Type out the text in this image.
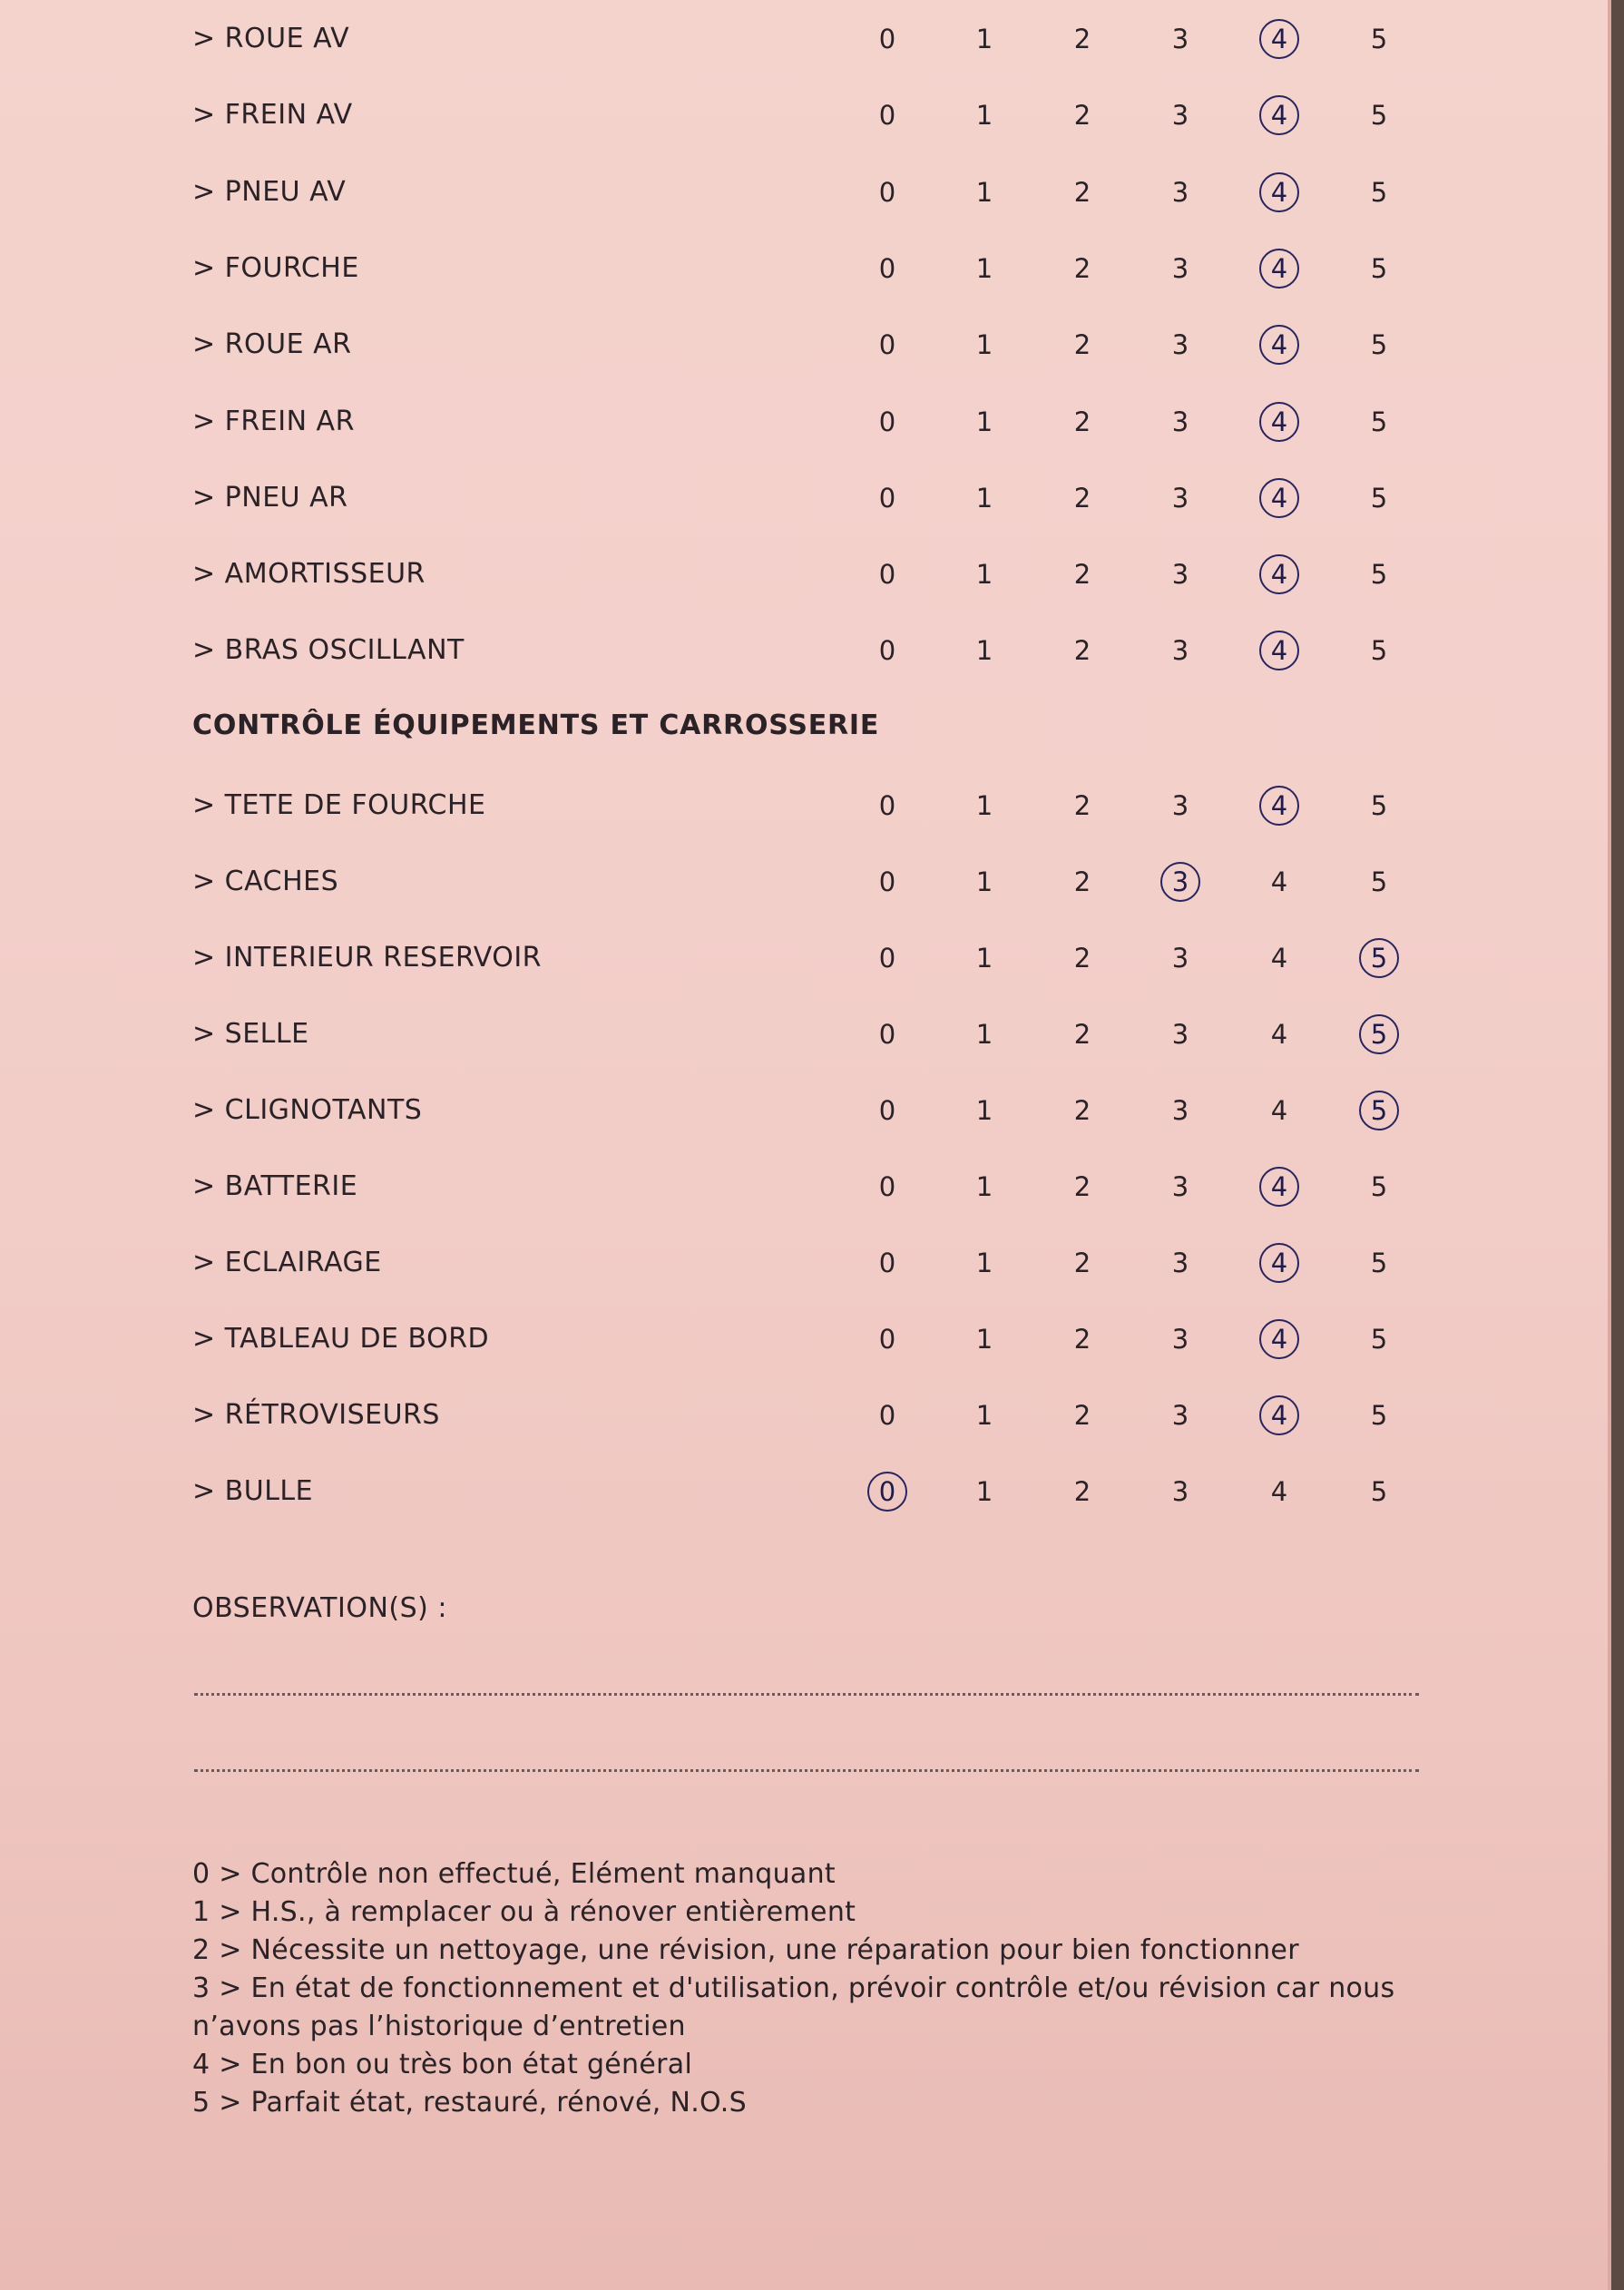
> ROUE AV	0	1	2	3	4	5
> FREIN AV	0	1	2	3	4	5
> PNEU AV	0	1	2	3	4	5
> FOURCHE	0	1	2	3	4	5
> ROUE AR	0	1	2	3	4	5
> FREIN AR	0	1	2	3	4	5
> PNEU AR	0	1	2	3	4	5
> AMORTISSEUR	0	1	2	3	4	5
> BRAS OSCILLANT	0	1	2	3	4	5
CONTRÔLE ÉQUIPEMENTS ET CARROSSERIE
> TETE DE FOURCHE	0	1	2	3	4	5
> CACHES	0	1	2	3	4	5
> INTERIEUR RESERVOIR	0	1	2	3	4	5
> SELLE	0	1	2	3	4	5
> CLIGNOTANTS	0	1	2	3	4	5
> BATTERIE	0	1	2	3	4	5
> ECLAIRAGE	0	1	2	3	4	5
> TABLEAU DE BORD	0	1	2	3	4	5
> RÉTROVISEURS	0	1	2	3	4	5
> BULLE	0	1	2	3	4	5
OBSERVATION(S) :
0 > Contrôle non effectué, Elément manquant
1 > H.S., à remplacer ou à rénover entièrement
2 > Nécessite un nettoyage, une révision, une réparation pour bien fonctionner
3 > En état de fonctionnement et d'utilisation, prévoir contrôle et/ou révision car nous
n’avons pas l’historique d’entretien
4 > En bon ou très bon état général
5 > Parfait état, restauré, rénové, N.O.S
